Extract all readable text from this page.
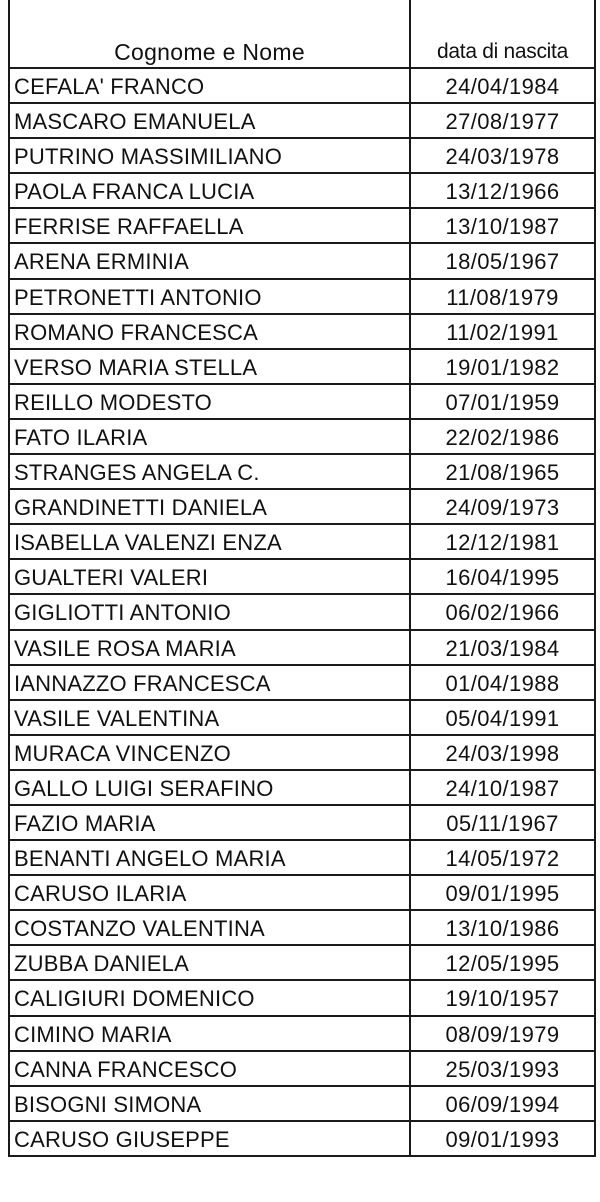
Cognome e Nome	data di nascita
CEFALA' FRANCO	24/04/1984
MASCARO EMANUELA	27/08/1977
PUTRINO MASSIMILIANO	24/03/1978
PAOLA FRANCA LUCIA	13/12/1966
FERRISE RAFFAELLA	13/10/1987
ARENA ERMINIA	18/05/1967
PETRONETTI ANTONIO	11/08/1979
ROMANO FRANCESCA	11/02/1991
VERSO MARIA STELLA	19/01/1982
REILLO MODESTO	07/01/1959
FATO ILARIA	22/02/1986
STRANGES ANGELA C.	21/08/1965
GRANDINETTI DANIELA	24/09/1973
ISABELLA VALENZI ENZA	12/12/1981
GUALTERI VALERI	16/04/1995
GIGLIOTTI ANTONIO	06/02/1966
VASILE ROSA MARIA	21/03/1984
IANNAZZO FRANCESCA	01/04/1988
VASILE VALENTINA	05/04/1991
MURACA VINCENZO	24/03/1998
GALLO LUIGI SERAFINO	24/10/1987
FAZIO MARIA	05/11/1967
BENANTI ANGELO MARIA	14/05/1972
CARUSO ILARIA	09/01/1995
COSTANZO VALENTINA	13/10/1986
ZUBBA DANIELA	12/05/1995
CALIGIURI DOMENICO	19/10/1957
CIMINO MARIA	08/09/1979
CANNA FRANCESCO	25/03/1993
BISOGNI SIMONA	06/09/1994
CARUSO GIUSEPPE	09/01/1993
